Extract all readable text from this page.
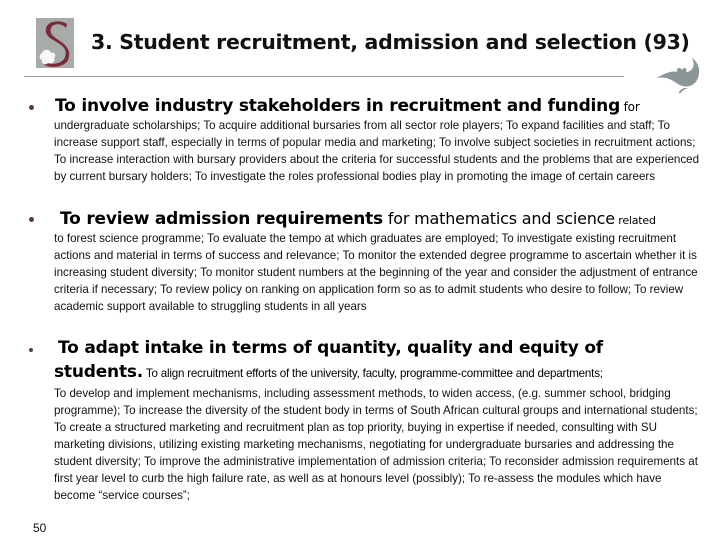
3. Student recruitment, admission and selection (93)
To involve industry stakeholders in recruitment and funding for
undergraduate scholarships; To acquire additional bursaries from all sector role players; To expand facilities and staff; To increase support staff, especially in terms of popular media and marketing; To involve subject societies in recruitment actions; To increase interaction with bursary providers about the criteria for successful students and the problems that are experienced by current bursary holders; To investigate the roles professional bodies play in promoting the image of certain careers
To review admission requirements for mathematics and science related
to forest science programme; To evaluate the tempo at which graduates are employed; To investigate existing recruitment actions and material in terms of success and relevance; To monitor the extended degree programme to ascertain whether it is increasing student diversity; To monitor student numbers at the beginning of the year and consider the adjustment of entrance criteria if necessary; To review policy on ranking on application form so as to admit students who desire to follow; To review academic support available to struggling students in all years
To adapt intake in terms of quantity, quality and equity of
students. To align recruitment efforts of the university, faculty, programme-committee and departments;
To develop and implement mechanisms, including assessment methods, to widen access, (e.g. summer school, bridging programme); To increase the diversity of the student body in terms of South African cultural groups and international students; To create a structured marketing and recruitment plan as top priority, buying in expertise if needed, consulting with SU marketing divisions, utilizing existing marketing mechanisms, negotiating for undergraduate bursaries and addressing the student diversity; To improve the administrative implementation of admission criteria; To reconsider admission requirements at first year level to curb the high failure rate, as well as at honours level (possibly); To re-assess the modules which have become “service courses”;
50
